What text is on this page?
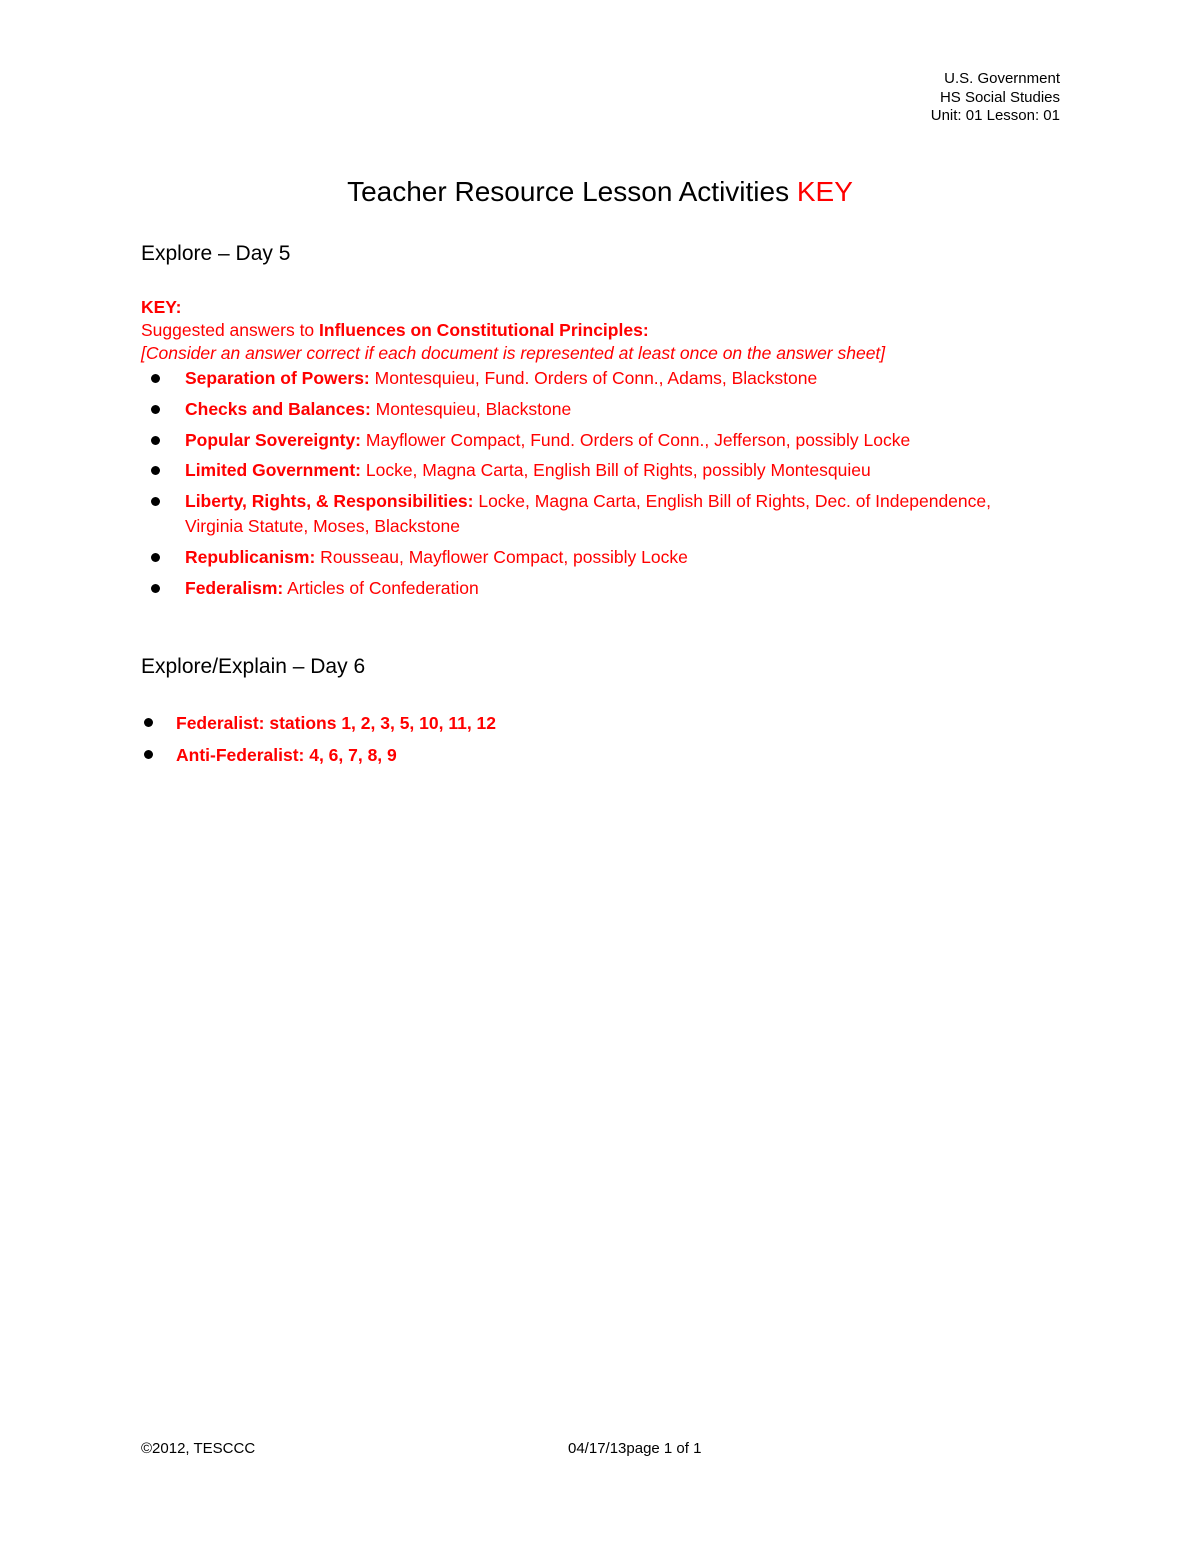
U.S. Government
HS Social Studies
Unit: 01 Lesson: 01
Teacher Resource Lesson Activities KEY
Explore – Day 5
KEY:
Suggested answers to Influences on Constitutional Principles:
[Consider an answer correct if each document is represented at least once on the answer sheet]
Separation of Powers: Montesquieu, Fund. Orders of Conn., Adams, Blackstone
Checks and Balances: Montesquieu, Blackstone
Popular Sovereignty: Mayflower Compact, Fund. Orders of Conn., Jefferson, possibly Locke
Limited Government: Locke, Magna Carta, English Bill of Rights, possibly Montesquieu
Liberty, Rights, & Responsibilities: Locke, Magna Carta, English Bill of Rights, Dec. of Independence, Virginia Statute, Moses, Blackstone
Republicanism: Rousseau, Mayflower Compact, possibly Locke
Federalism: Articles of Confederation
Explore/Explain – Day 6
Federalist: stations 1, 2, 3, 5, 10, 11, 12
Anti-Federalist: 4, 6, 7, 8, 9
©2012, TESCCC	04/17/13page 1 of 1
